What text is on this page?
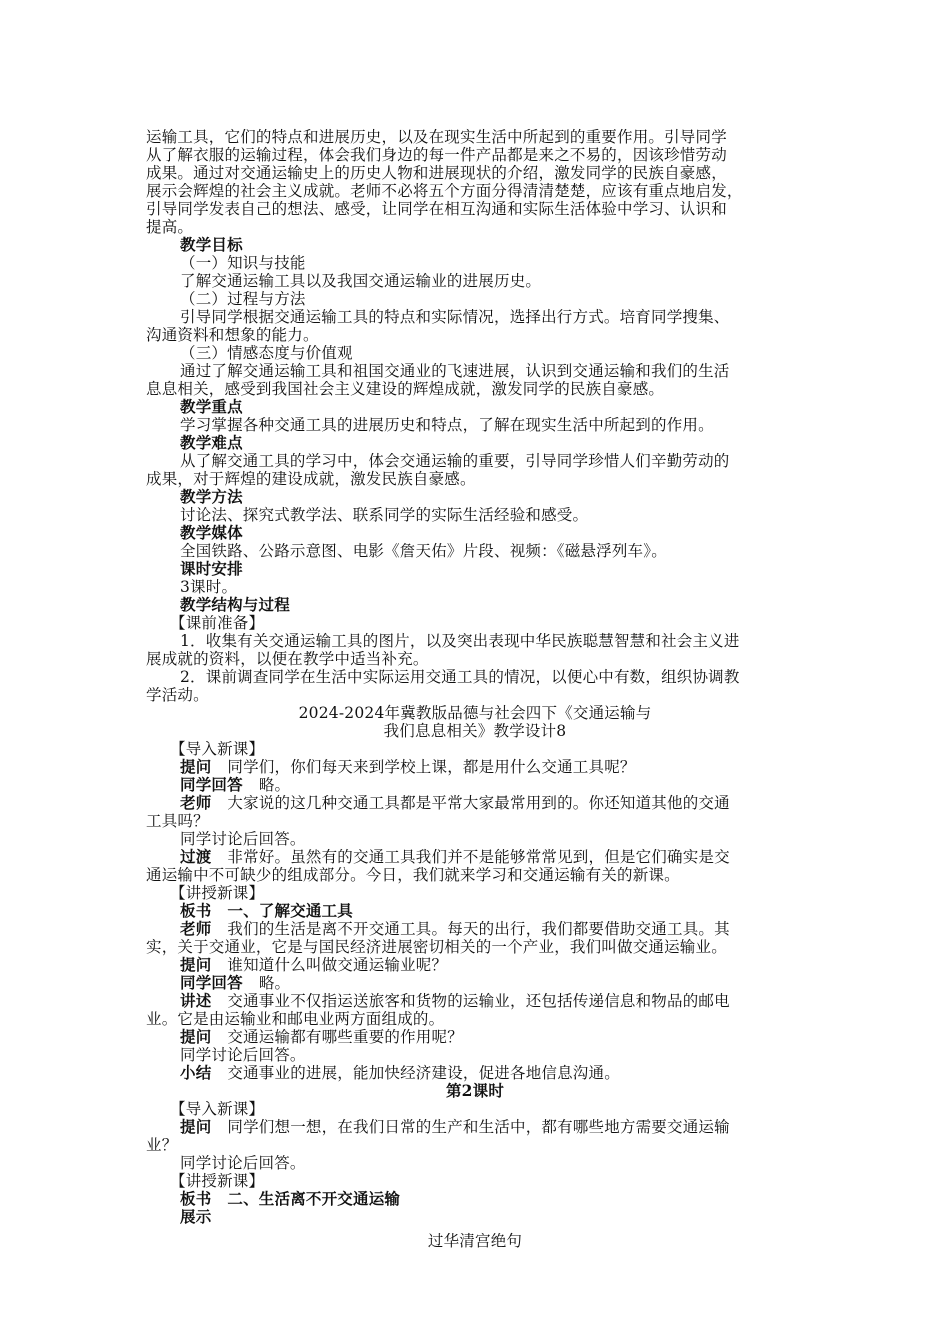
运输工具，它们的特点和进展历史，以及在现实生活中所起到的重要作用。引导同学
从了解衣服的运输过程，体会我们身边的每一件产品都是来之不易的，因该珍惜劳动
成果。通过对交通运输史上的历史人物和进展现状的介绍，激发同学的民族自豪感，
展示会辉煌的社会主义成就。老师不必将五个方面分得清清楚楚，应该有重点地启发，
引导同学发表自己的想法、感受，让同学在相互沟通和实际生活体验中学习、认识和
提高。
教学目标
（一）知识与技能
了解交通运输工具以及我国交通运输业的进展历史。
（二）过程与方法
引导同学根据交通运输工具的特点和实际情况，选择出行方式。培育同学搜集、
沟通资料和想象的能力。
（三）情感态度与价值观
通过了解交通运输工具和祖国交通业的飞速进展，认识到交通运输和我们的生活
息息相关，感受到我国社会主义建设的辉煌成就，激发同学的民族自豪感。
教学重点
学习掌握各种交通工具的进展历史和特点，了解在现实生活中所起到的作用。
教学难点
从了解交通工具的学习中，体会交通运输的重要，引导同学珍惜人们辛勤劳动的
成果，对于辉煌的建设成就，激发民族自豪感。
教学方法
讨论法、探究式教学法、联系同学的实际生活经验和感受。
教学媒体
全国铁路、公路示意图、电影《詹天佑》片段、视频：《磁悬浮列车》。
课时安排
3课时。
教学结构与过程
【课前准备】
1．收集有关交通运输工具的图片，以及突出表现中华民族聪慧智慧和社会主义进
展成就的资料，以便在教学中适当补充。
2．课前调查同学在生活中实际运用交通工具的情况，以便心中有数，组织协调教
学活动。
2024-2024年冀教版品德与社会四下《交通运输与
我们息息相关》教学设计8
【导入新课】
提问 同学们，你们每天来到学校上课，都是用什么交通工具呢？
同学回答 略。
老师 大家说的这几种交通工具都是平常大家最常用到的。你还知道其他的交通
工具吗？
同学讨论后回答。
过渡 非常好。虽然有的交通工具我们并不是能够常常见到，但是它们确实是交
通运输中不可缺少的组成部分。今日，我们就来学习和交通运输有关的新课。
【讲授新课】
板书 一、了解交通工具
老师 我们的生活是离不开交通工具。每天的出行，我们都要借助交通工具。其
实，关于交通业，它是与国民经济进展密切相关的一个产业，我们叫做交通运输业。
提问 谁知道什么叫做交通运输业呢？
同学回答 略。
讲述 交通事业不仅指运送旅客和货物的运输业，还包括传递信息和物品的邮电
业。它是由运输业和邮电业两方面组成的。
提问 交通运输都有哪些重要的作用呢？
同学讨论后回答。
小结 交通事业的进展，能加快经济建设，促进各地信息沟通。
第2课时
【导入新课】
提问 同学们想一想，在我们日常的生产和生活中，都有哪些地方需要交通运输
业？
同学讨论后回答。
【讲授新课】
板书 二、生活离不开交通运输
展示
过华清宫绝句
